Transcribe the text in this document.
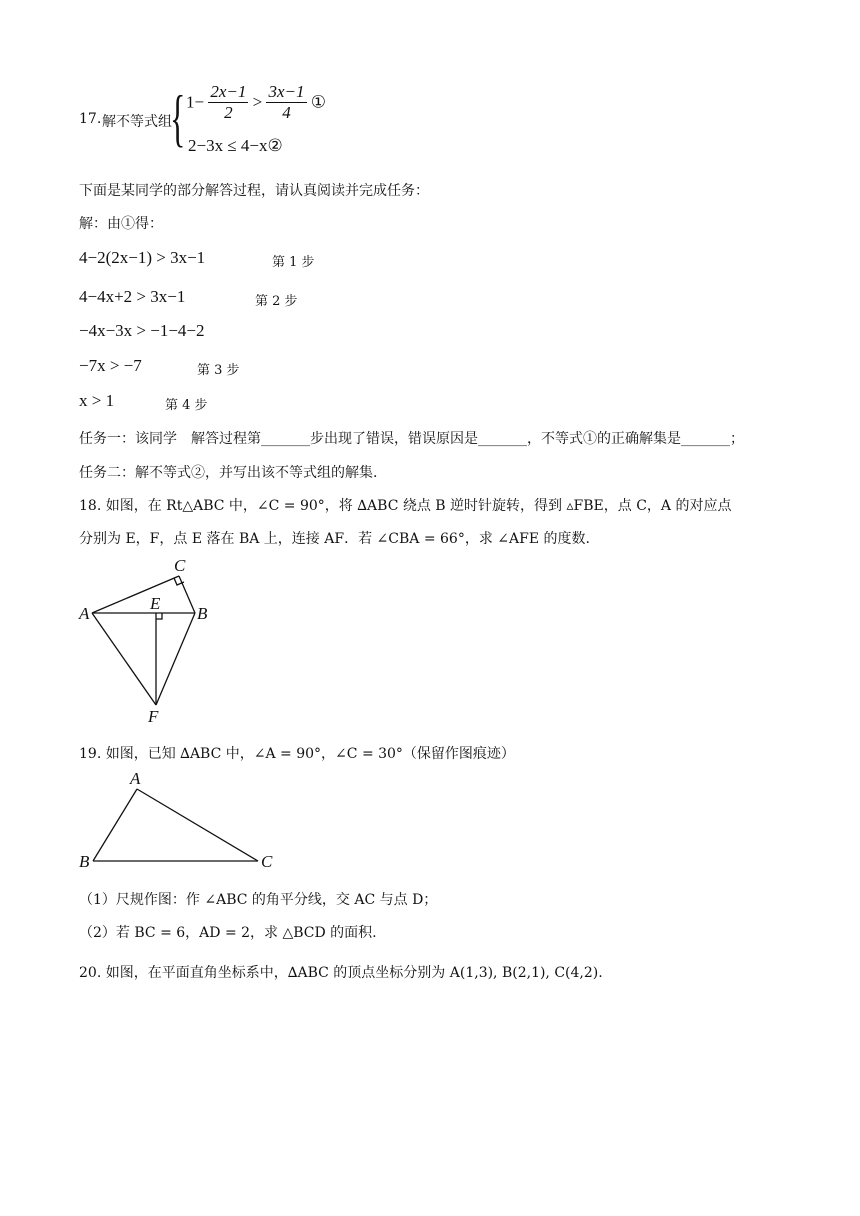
17. 解不等式组
{ $1- \frac{2x-1}{2} > \frac{3x-1}{4}$ ①
2−3x ≤ 4−x②
下面是某同学的部分解答过程，请认真阅读并完成任务：
解：由①得：
4−2(2x−1) > 3x−1	第 1 步
4−4x+2 > 3x−1	第 2 步
−4x−3x > −1−4−2
−7x > −7	第 3 步
x > 1	第 4 步
任务一：该同学　解答过程第_______步出现了错误，错误原因是_______，不等式①的正确解集是_______；
任务二：解不等式②，并写出该不等式组的解集.
18. 如图，在 Rt△ABC 中，∠C = 90°，将 ∆ABC 绕点 B 逆时针旋转，得到 ▵FBE，点 C，A 的对应点
分别为 E，F，点 E 落在 BA 上，连接 AF．若 ∠CBA = 66°，求 ∠AFE 的度数.
C
A
E
B
F
19. 如图，已知 ∆ABC 中，∠A = 90°，∠C = 30°（保留作图痕迹）
A
B	C
（1）尺规作图：作 ∠ABC 的角平分线，交 AC 与点 D；
（2）若 BC = 6，AD = 2，求 △BCD 的面积.
20. 如图，在平面直角坐标系中，∆ABC 的顶点坐标分别为 A(1,3), B(2,1), C(4,2).
